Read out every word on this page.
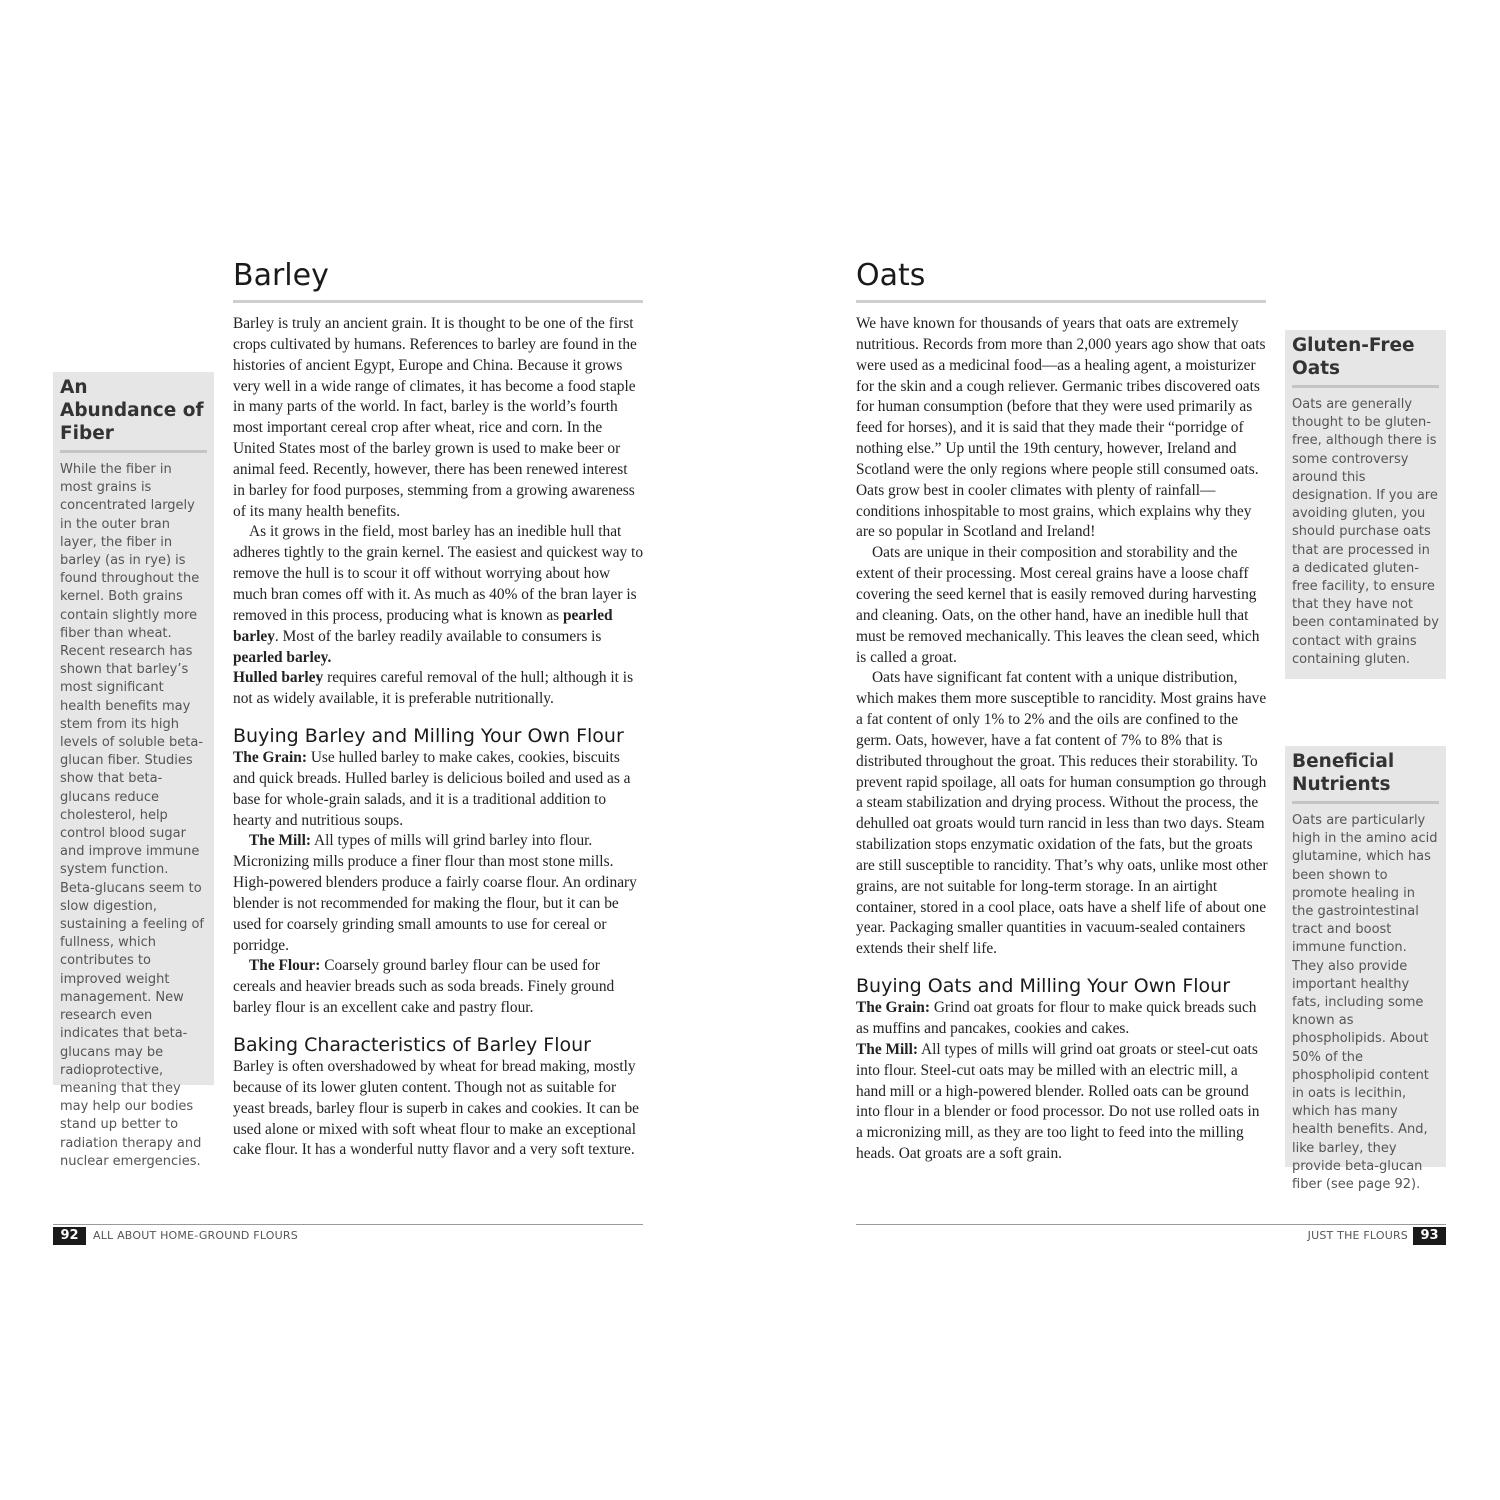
Barley

Barley is truly an ancient grain. It is thought to be one of the first crops cultivated by humans. References to barley are found in the histories of ancient Egypt, Europe and China. Because it grows very well in a wide range of climates, it has become a food staple in many parts of the world. In fact, barley is the world’s fourth most important cereal crop after wheat, rice and corn. In the United States most of the barley grown is used to make beer or animal feed. Recently, however, there has been renewed interest in barley for food purposes, stemming from a growing awareness of its many health benefits.

As it grows in the field, most barley has an inedible hull that adheres tightly to the grain kernel. The easiest and quickest way to remove the hull is to scour it off without worrying about how much bran comes off with it. As much as 40% of the bran layer is removed in this process, producing what is known as pearled barley. Most of the barley readily available to consumers is pearled barley.
Hulled barley requires careful removal of the hull; although it is not as widely available, it is preferable nutritionally.

Buying Barley and Milling Your Own Flour

The Grain: Use hulled barley to make cakes, cookies, biscuits and quick breads. Hulled barley is delicious boiled and used as a base for whole-grain salads, and it is a traditional addition to hearty and nutritious soups.

The Mill: All types of mills will grind barley into flour. Micronizing mills produce a finer flour than most stone mills. High-powered blenders produce a fairly coarse flour. An ordinary blender is not recommended for making the flour, but it can be used for coarsely grinding small amounts to use for cereal or porridge.

The Flour: Coarsely ground barley flour can be used for cereals and heavier breads such as soda breads. Finely ground barley flour is an excellent cake and pastry flour.

Baking Characteristics of Barley Flour

Barley is often overshadowed by wheat for bread making, mostly because of its lower gluten content. Though not as suitable for yeast breads, barley flour is superb in cakes and cookies. It can be used alone or mixed with soft wheat flour to make an exceptional cake flour. It has a wonderful nutty flavor and a very soft texture.

An Abundance of Fiber

While the fiber in most grains is concentrated largely in the outer bran layer, the fiber in barley (as in rye) is found throughout the kernel. Both grains contain slightly more fiber than wheat. Recent research has shown that barley’s most significant health benefits may stem from its high levels of soluble beta-glucan fiber. Studies show that beta-glucans reduce cholesterol, help control blood sugar and improve immune system function. Beta-glucans seem to slow digestion, sustaining a feeling of fullness, which contributes to improved weight management. New research even indicates that beta-glucans may be radioprotective, meaning that they may help our bodies stand up better to radiation therapy and nuclear emergencies.

92	ALL ABOUT HOME-GROUND FLOURS
Oats

We have known for thousands of years that oats are extremely nutritious. Records from more than 2,000 years ago show that oats were used as a medicinal food—as a healing agent, a moisturizer for the skin and a cough reliever. Germanic tribes discovered oats for human consumption (before that they were used primarily as feed for horses), and it is said that they made their “porridge of nothing else.” Up until the 19th century, however, Ireland and Scotland were the only regions where people still consumed oats. Oats grow best in cooler climates with plenty of rainfall—conditions inhospitable to most grains, which explains why they are so popular in Scotland and Ireland!

Oats are unique in their composition and storability and the extent of their processing. Most cereal grains have a loose chaff covering the seed kernel that is easily removed during harvesting and cleaning. Oats, on the other hand, have an inedible hull that must be removed mechanically. This leaves the clean seed, which is called a groat.

Oats have significant fat content with a unique distribution, which makes them more susceptible to rancidity. Most grains have a fat content of only 1% to 2% and the oils are confined to the germ. Oats, however, have a fat content of 7% to 8% that is distributed throughout the groat. This reduces their storability. To prevent rapid spoilage, all oats for human consumption go through a steam stabilization and drying process. Without the process, the dehulled oat groats would turn rancid in less than two days. Steam stabilization stops enzymatic oxidation of the fats, but the groats are still susceptible to rancidity. That’s why oats, unlike most other grains, are not suitable for long-term storage. In an airtight container, stored in a cool place, oats have a shelf life of about one year. Packaging smaller quantities in vacuum-sealed containers extends their shelf life.

Buying Oats and Milling Your Own Flour

The Grain: Grind oat groats for flour to make quick breads such as muffins and pancakes, cookies and cakes.

The Mill: All types of mills will grind oat groats or steel-cut oats into flour. Steel-cut oats may be milled with an electric mill, a hand mill or a high-powered blender. Rolled oats can be ground into flour in a blender or food processor. Do not use rolled oats in a micronizing mill, as they are too light to feed into the milling heads. Oat groats are a soft grain.

Gluten-Free Oats

Oats are generally thought to be gluten-free, although there is some controversy around this designation. If you are avoiding gluten, you should purchase oats that are processed in a dedicated gluten-free facility, to ensure that they have not been contaminated by contact with grains containing gluten.

Beneficial Nutrients

Oats are particularly high in the amino acid glutamine, which has been shown to promote healing in the gastrointestinal tract and boost immune function. They also provide important healthy fats, including some known as phospholipids. About 50% of the phospholipid content in oats is lecithin, which has many health benefits. And, like barley, they provide beta-glucan fiber (see page 92).

JUST THE FLOURS 93
